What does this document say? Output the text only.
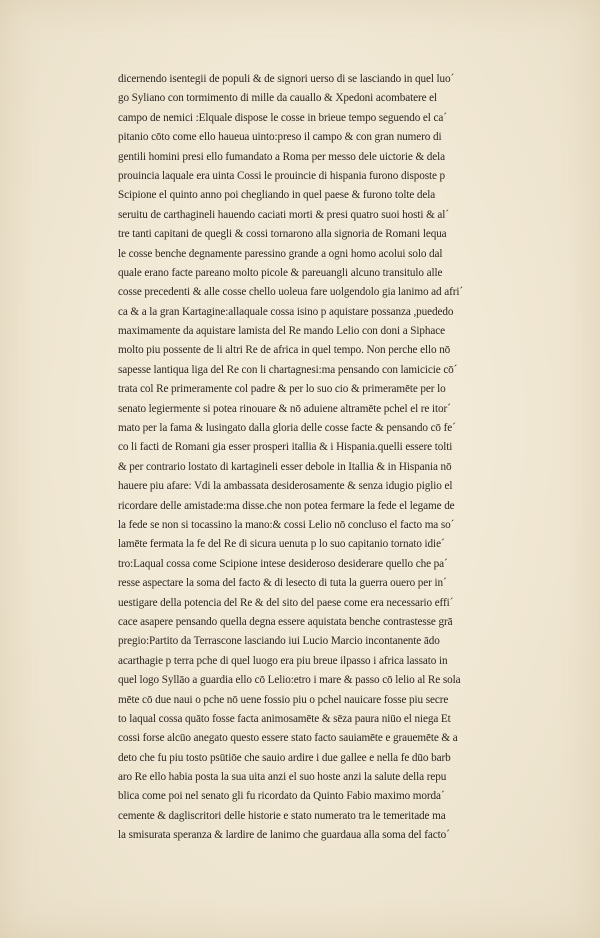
dicernendo isentegii de populi & de signori uerso di se lasciando in quel luo´
go Syliano con tormimento di mille da cauallo & Xpedoni acombatere el
campo de nemici :Elquale dispose le cosse in brieue tempo seguendo el ca´
pitanio cōto come ello haueua uinto:preso il campo & con gran numero di
gentili homini presi ello fumandato a Roma per messo dele uictorie & dela
prouincia laquale era uinta Cossi le prouincie di hispania furono disposte p
Scipione el quinto anno poi chegliando in quel paese & furono tolte dela
seruitu de carthagineli hauendo caciati morti & presi quatro suoi hosti & al´
tre tanti capitani de quegli & cossi tornarono alla signoria de Romani lequa
le cosse benche degnamente paressino grande a ogni homo acolui solo dal
quale erano facte pareano molto picole & pareuangli alcuno transitulo alle
cosse precedenti & alle cosse chello uoleua fare uolgendolo gia lanimo ad afri´
ca & a la gran Kartagine:allaquale cossa isino p aquistare possanza ,puededo
maximamente da aquistare lamista del Re mando Lelio con doni a Siphace
molto piu possente de li altri Re de africa in quel tempo. Non perche ello nō
sapesse lantiqua liga del Re con li chartagnesi:ma pensando con lamicicie cō´
trata col Re primeramente col padre & per lo suo cio & primeramēte per lo
senato legiermente si potea rinouare & nō aduiene altramēte pchel el re itor´
mato per la fama & lusingato dalla gloria delle cosse facte & pensando cō fe´
co li facti de Romani gia esser prosperi itallia & i Hispania.quelli essere tolti
& per contrario lostato di kartagineli esser debole in Itallia & in Hispania nō
hauere piu afare: Vdi la ambassata desiderosamente & senza idugio piglio el
ricordare delle amistade:ma disse.che non potea fermare la fede el legame de
la fede se non si tocassino la mano:& cossi Lelio nō concluso el facto ma so´
lamēte fermata la fe del Re di sicura uenuta p lo suo capitanio tornato idie´
tro:Laqual cossa come Scipione intese desideroso desiderare quello che pa´
resse aspectare la soma del facto & di lesecto di tuta la guerra ouero per in´
uestigare della potencia del Re & del sito del paese come era necessario effi´
cace asapere pensando quella degna essere aquistata benche contrastesse grā
pregio:Partito da Terrascone lasciando iui Lucio Marcio incontanente ādo
acarthagie p terra pche di quel luogo era piu breue ilpasso i africa lassato in
quel logo Syllāo a guardia ello cō Lelio:etro i mare & passo cō lelio al Re sola
mēte cō due naui o pche nō uene fossio piu o pchel nauicare fosse piu secre
to laqual cossa quāto fosse facta animosamēte & sēza paura niūo el niega Et
cossi forse alcūo anegato questo essere stato facto sauiamēte e grauemēte & a
deto che fu piu tosto psūtiōe che sauio ardire i due gallee e nella fe dūo barb
aro Re ello habia posta la sua uita anzi el suo hoste anzi la salute della repu
blica come poi nel senato gli fu ricordato da Quinto Fabio maximo morda´
cemente & dagliscritori delle historie e stato numerato tra le temeritade ma
la smisurata speranza & lardire de lanimo che guardaua alla soma del facto´
